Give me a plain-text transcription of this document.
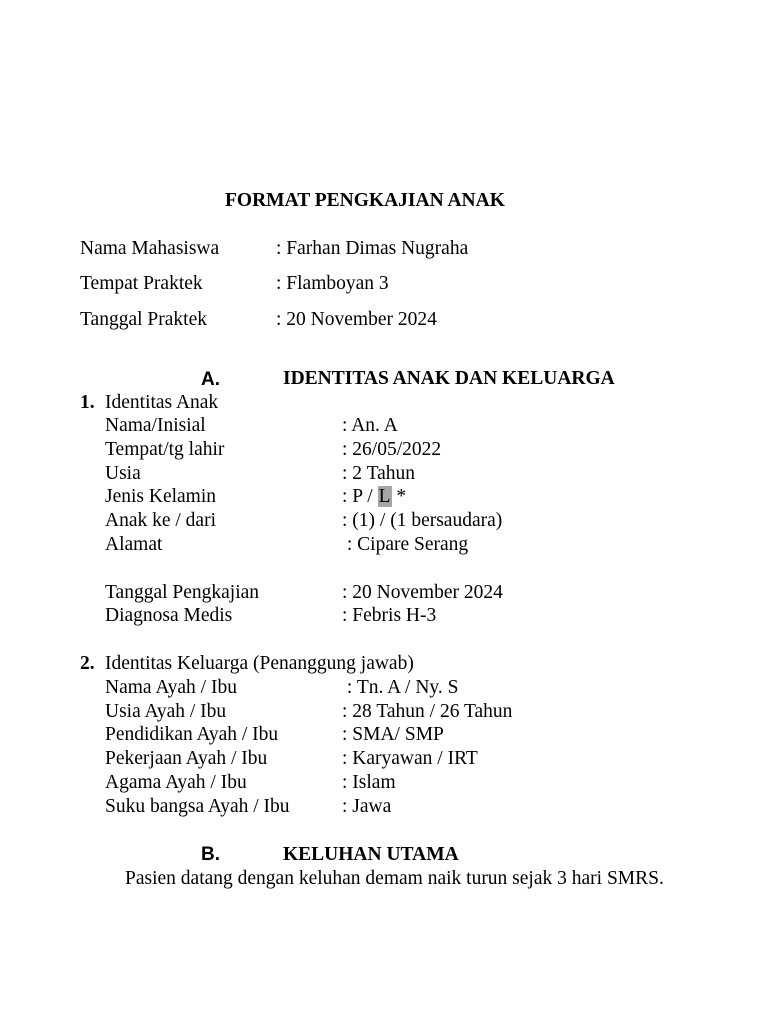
FORMAT PENGKAJIAN ANAK
Nama Mahasiswa	: Farhan Dimas Nugraha
Tempat Praktek	: Flamboyan 3
Tanggal Praktek	: 20 November 2024
A.	IDENTITAS ANAK DAN KELUARGA
1. Identitas Anak
Nama/Inisial	: An. A
Tempat/tg lahir	: 26/05/2022
Usia	: 2 Tahun
Jenis Kelamin	: P / L *
Anak ke / dari	: (1) / (1 bersaudara)
Alamat	: Cipare Serang
Tanggal Pengkajian	: 20 November 2024
Diagnosa Medis	: Febris H-3
2. Identitas Keluarga (Penanggung jawab)
Nama Ayah / Ibu	: Tn. A / Ny. S
Usia Ayah / Ibu	: 28 Tahun / 26 Tahun
Pendidikan Ayah / Ibu	: SMA/ SMP
Pekerjaan Ayah / Ibu	: Karyawan / IRT
Agama Ayah / Ibu	: Islam
Suku bangsa Ayah / Ibu	: Jawa
B.	KELUHAN UTAMA
Pasien datang dengan keluhan demam naik turun sejak 3 hari SMRS.
